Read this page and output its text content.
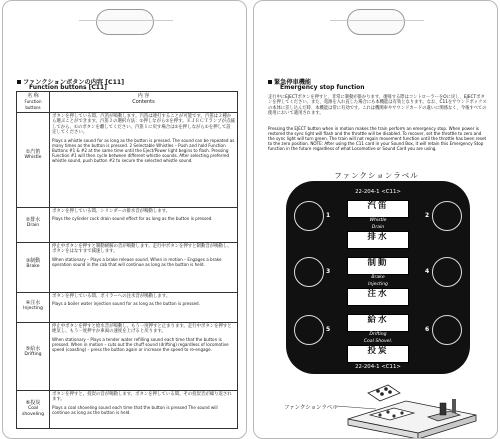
ファンクションボタンの内容 [C11]
Function buttons [C11]
名 称
Function buttons	内 容
Contents

①汽笛
Whistle	ボタンを押している間、汽笛が鳴動します。汽笛は連打することが可能です。汽笛は２種から選ぶことができます。汽笛２の選択方法：①押しながら②を押す。ＥＪＥＣＴランプが点滅してから、①のボタンを離してください。汽笛１に戻す場合は②を押しながら①を押して設定してください。
Plays a whistle sound for as long as the button is pressed. The sound can be repeated as many times as the button is pressed. 2 Selectable Whistles – Push and hold Function Buttons #1 & #2 at the same time until the Eject/Power light begins to flash. Pressing Function #1 will then cycle between different whistle sounds. After selecting preferred whistle sound, push button #2 to secure the selected whistle sound.

②排水
Drain	ボタンを押している間、シリンダーの排水音が鳴動します。
Plays the cylinder cock drain sound effect for as long as the button is pressed.

③制動
Brake	停止中ボタンを押すと制動緩解の音が鳴動します。走行中ボタンを押すと制動音が鳴動し、ボタンをはなすまで減速します。
When stationary – Plays a brake release sound. When in motion – Engages a brake operation sound in the cab that will continue as long as the button is held.

④注水
Injecting	ボタンを押している間、ボイラーへの注水音が鳴動します。
Plays a boiler water injection sound for as long as the button is pressed.

⑤給水
Drifting	停止中ボタンを押すと給水音が鳴動し、もう一度押すと止まります。走行中ボタンを押すと絶気し、もう一度押すか車両の速度を上げると戻ります。
When stationary – Plays a tender water refilling sound each time that the button is pressed. When in motion – cuts out the chuff sound (drifting) regardless of locomotive speed (coasting) – press the button again or increase the speed to re-engage.

⑥投炭
Coal shoveling	ボタンを押すと、投炭の音が鳴動します。ボタンを押している間、その投炭音が繰り返されます。
Plays a coal shoveling sound each time that the button is pressed The sound will continue as long as the button is held.
緊急停車機能
Emergency stop function
走行中にEJECTボタンを押すと、非常に制動が掛かります。復帰する際はコントローラーをOに戻し、EJECTボタンを押してください。また、電源を入れ直した場合にも本機能は有効となります。なお、C11をサウンドボックスの本体に差し込んだ時、本機能は常に有効です。これは機関車やサウンドカードの違いに関係なく、今後すべての使用において適用されます。
Pressing the EJECT button when in motion makes the train perform an emergency stop. When power is restored the sync light will flash and the throttle will be disabled. To recover, set the throttle to zero and the sync light will turn green. The train will not regain movement function until the throttle has been reset to the zero position. NOTE: After using the C11 card in your Sound Box, it will retain this Emergency Stop function in the future regardless of what Locomotive or Sound Card you are using.
ファンクションラベル
22-204-1 <C11>
1	2
3	4
5	6
汽笛
Whistle
Drain
排水
制動
Brake
Injecting
注水
給水
Drifting
Coal Shovel.
投炭
22-204-1 <C11>
ファンクションラベル
